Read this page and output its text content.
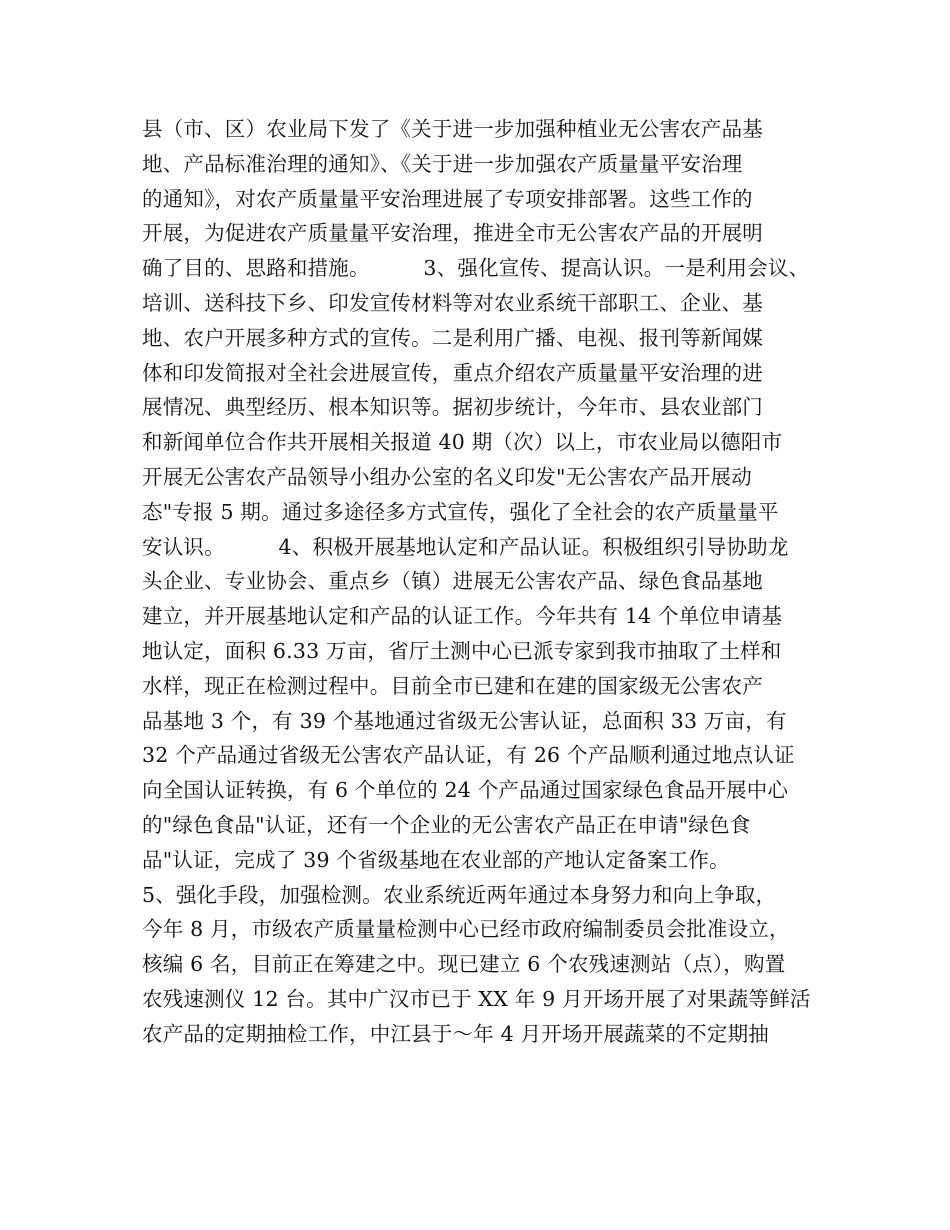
县（市、区）农业局下发了《关于进一步加强种植业无公害农产品基
地、产品标准治理的通知》、《关于进一步加强农产质量量平安治理
的通知》，对农产质量量平安治理进展了专项安排部署。这些工作的
开展，为促进农产质量量平安治理，推进全市无公害农产品的开展明
确了目的、思路和措施。        3、强化宣传、提高认识。一是利用会议、
培训、送科技下乡、印发宣传材料等对农业系统干部职工、企业、基
地、农户开展多种方式的宣传。二是利用广播、电视、报刊等新闻媒
体和印发简报对全社会进展宣传，重点介绍农产质量量平安治理的进
展情况、典型经历、根本知识等。据初步统计，今年市、县农业部门
和新闻单位合作共开展相关报道 40 期（次）以上，市农业局以德阳市
开展无公害农产品领导小组办公室的名义印发"无公害农产品开展动
态"专报 5 期。通过多途径多方式宣传，强化了全社会的农产质量量平
安认识。        4、积极开展基地认定和产品认证。积极组织引导协助龙
头企业、专业协会、重点乡（镇）进展无公害农产品、绿色食品基地
建立，并开展基地认定和产品的认证工作。今年共有 14 个单位申请基
地认定，面积 6.33 万亩，省厅土测中心已派专家到我市抽取了土样和
水样，现正在检测过程中。目前全市已建和在建的国家级无公害农产
品基地 3 个，有 39 个基地通过省级无公害认证，总面积 33 万亩，有
32 个产品通过省级无公害农产品认证，有 26 个产品顺利通过地点认证
向全国认证转换，有 6 个单位的 24 个产品通过国家绿色食品开展中心
的"绿色食品"认证，还有一个企业的无公害农产品正在申请"绿色食
品"认证，完成了 39 个省级基地在农业部的产地认定备案工作。
5、强化手段，加强检测。农业系统近两年通过本身努力和向上争取，
今年 8 月，市级农产质量量检测中心已经市政府编制委员会批准设立，
核编 6 名，目前正在筹建之中。现已建立 6 个农残速测站（点），购置
农残速测仪 12 台。其中广汉市已于 XX 年 9 月开场开展了对果蔬等鲜活
农产品的定期抽检工作，中江县于～年 4 月开场开展蔬菜的不定期抽
